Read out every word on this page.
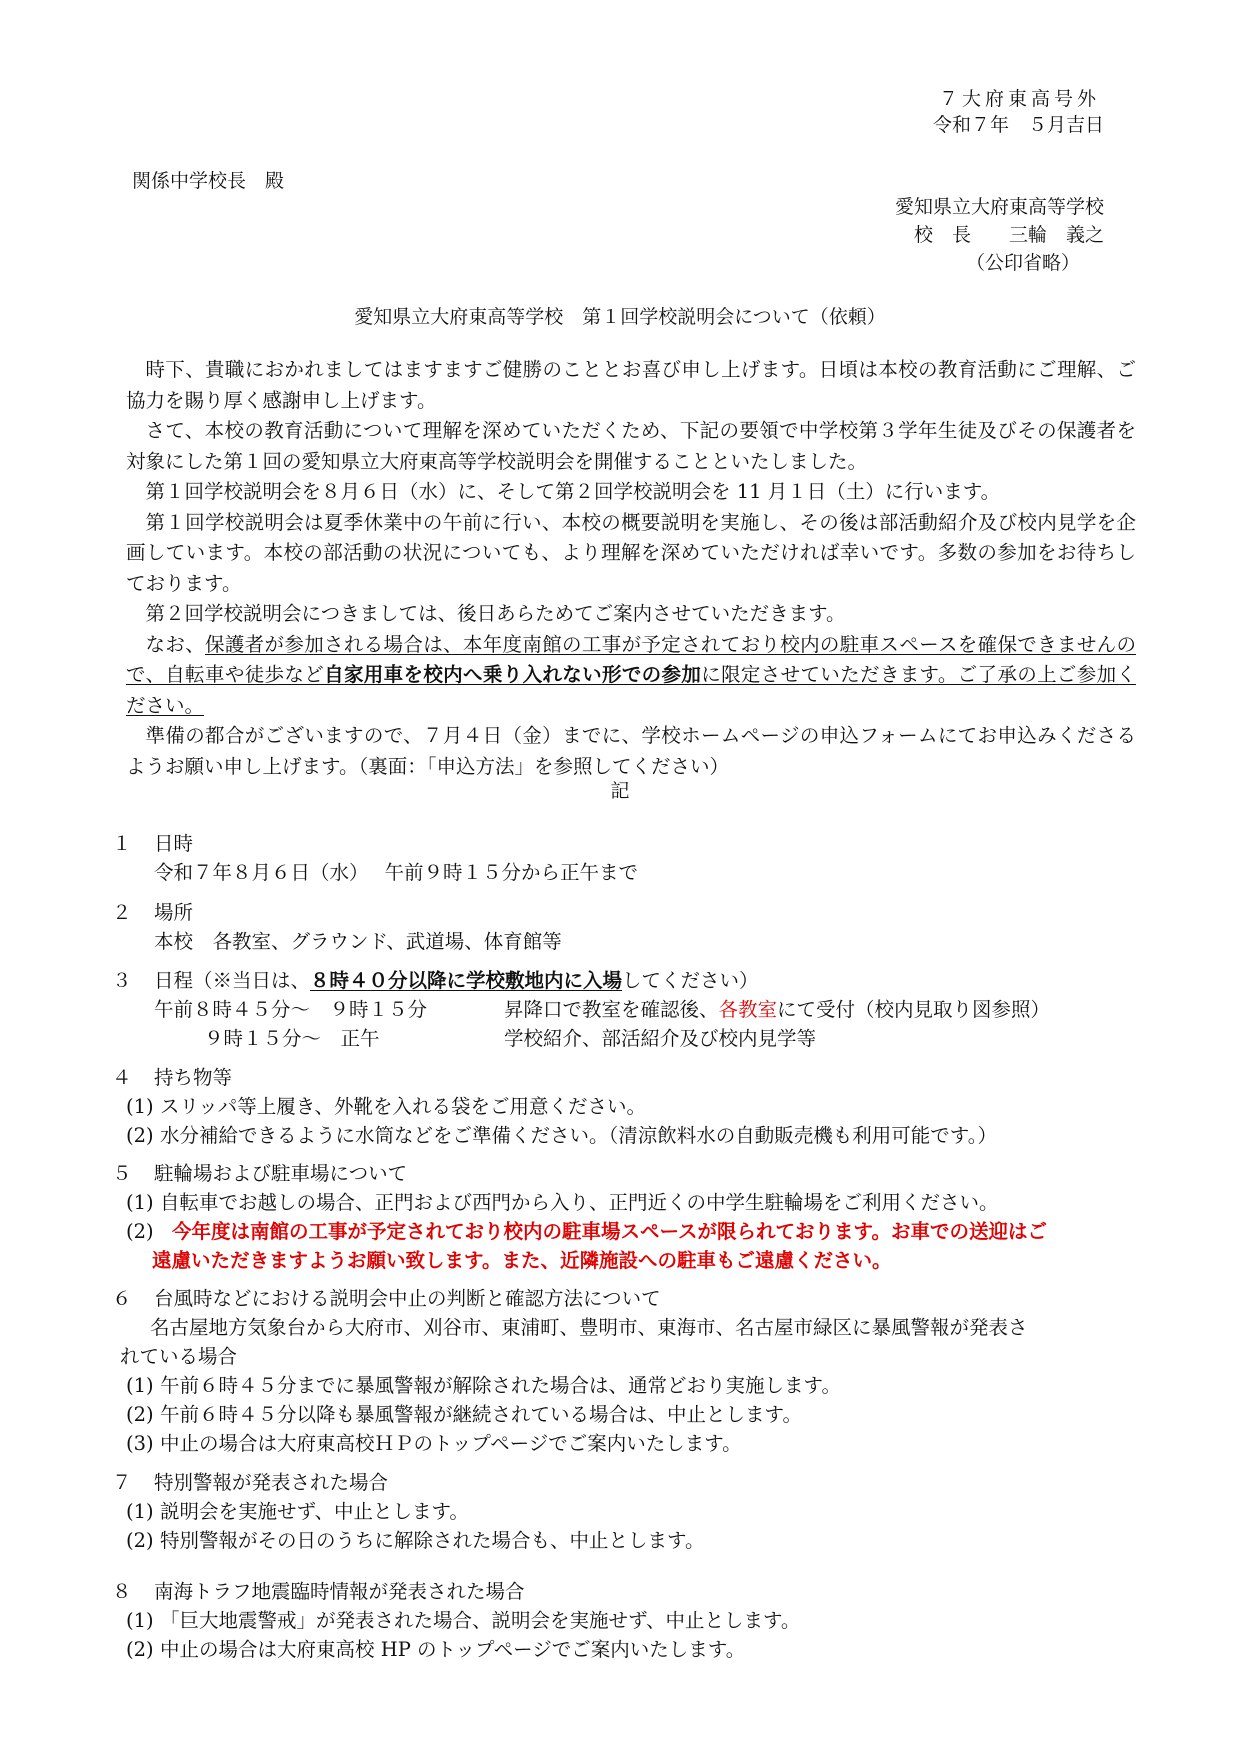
７大府東高号外
令和７年　５月吉日
関係中学校長　殿
愛知県立大府東高等学校
校　長　　三輪　義之
（公印省略）
愛知県立大府東高等学校　第１回学校説明会について（依頼）

時下、貴職におかれましてはますますご健勝のこととお喜び申し上げます。日頃は本校の教育活動にご理解、ご協力を賜り厚く感謝申し上げます。

さて、本校の教育活動について理解を深めていただくため、下記の要領で中学校第３学年生徒及びその保護者を対象にした第１回の愛知県立大府東高等学校説明会を開催することといたしました。

第１回学校説明会を８月６日（水）に、そして第２回学校説明会を 11 月１日（土）に行います。

第１回学校説明会は夏季休業中の午前に行い、本校の概要説明を実施し、その後は部活動紹介及び校内見学を企画しています。本校の部活動の状況についても、より理解を深めていただければ幸いです。多数の参加をお待ちしております。

第２回学校説明会につきましては、後日あらためてご案内させていただきます。

なお、保護者が参加される場合は、本年度南館の工事が予定されており校内の駐車スペースを確保できませんので、自転車や徒歩など自家用車を校内へ乗り入れない形での参加に限定させていただきます。ご了承の上ご参加ください。

準備の都合がございますので、７月４日（金）までに、学校ホームページの申込フォームにてお申込みくださるようお願い申し上げます。（裏面：「申込方法」を参照してください）

記
１ 日時
令和７年８月６日（水）　 午前９時１５分から正午まで
２ 場所
本校　各教室、グラウンド、武道場、体育館等
３ 日程（※当日は、８時４０分以降に学校敷地内に入場してください）
午前８時４５分～　９時１５分	昇降口で教室を確認後、各教室にて受付（校内見取り図参照）
９時１５分～　正午	学校紹介、部活紹介及び校内見学等
４ 持ち物等
(1) スリッパ等上履き、外靴を入れる袋をご用意ください。
(2) 水分補給できるように水筒などをご準備ください。（清涼飲料水の自動販売機も利用可能です。）
５ 駐輪場および駐車場について
(1) 自転車でお越しの場合、正門および西門から入り、正門近くの中学生駐輪場をご利用ください。
(2) 今年度は南館の工事が予定されており校内の駐車場スペースが限られております。お車での送迎はご
遠慮いただきますようお願い致します。また、近隣施設への駐車もご遠慮ください。
６ 台風時などにおける説明会中止の判断と確認方法について
名古屋地方気象台から大府市、刈谷市、東浦町、豊明市、東海市、名古屋市緑区に暴風警報が発表さ
れている場合
(1) 午前６時４５分までに暴風警報が解除された場合は、通常どおり実施します。
(2) 午前６時４５分以降も暴風警報が継続されている場合は、中止とします。
(3) 中止の場合は大府東高校ＨＰのトップページでご案内いたします。
７ 特別警報が発表された場合
(1) 説明会を実施せず、中止とします。
(2) 特別警報がその日のうちに解除された場合も、中止とします。
８ 南海トラフ地震臨時情報が発表された場合
(1) 「巨大地震警戒」が発表された場合、説明会を実施せず、中止とします。
(2) 中止の場合は大府東高校 HP のトップページでご案内いたします。
